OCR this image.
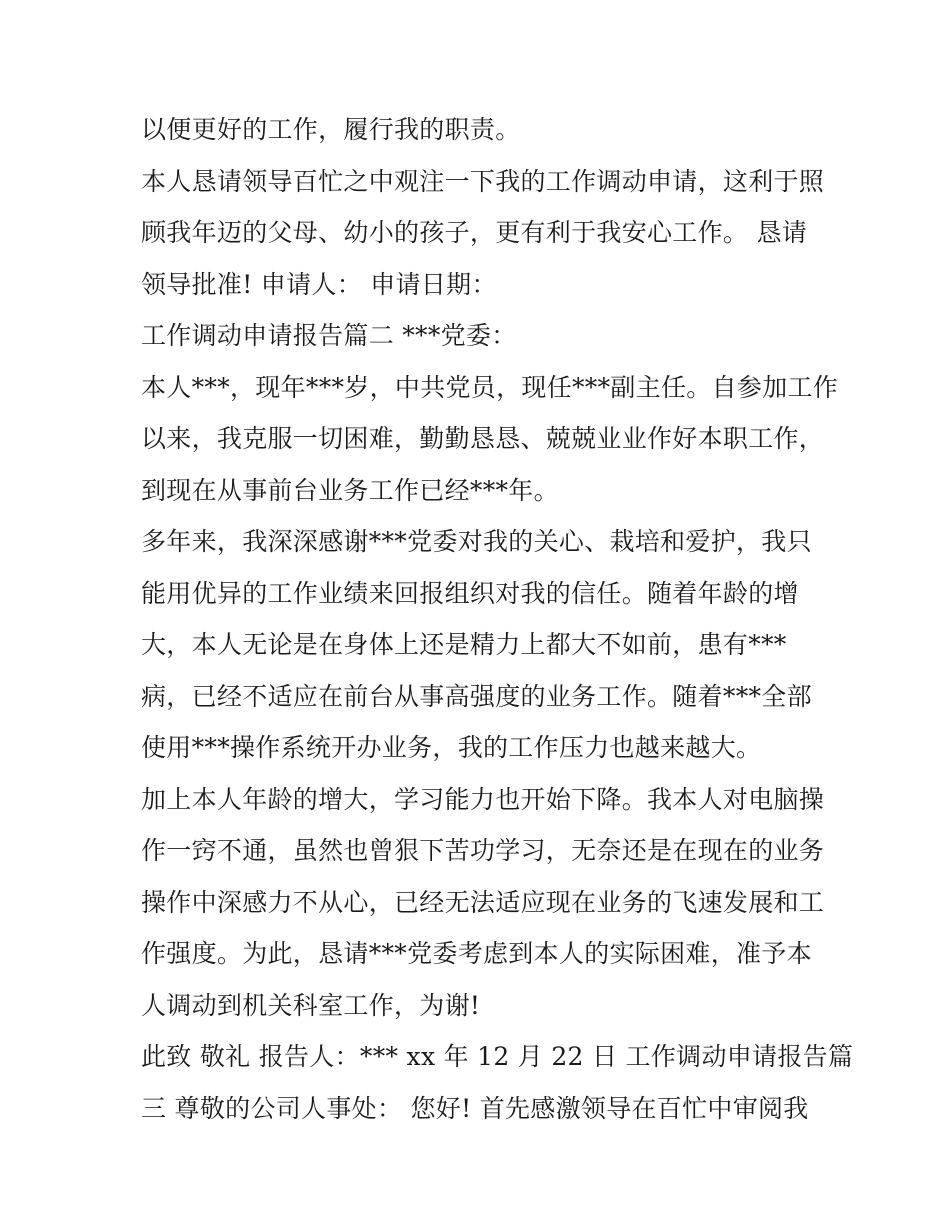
以便更好的工作，履行我的职责。
本人恳请领导百忙之中观注一下我的工作调动申请，这利于照
顾我年迈的父母、幼小的孩子，更有利于我安心工作。 恳请
领导批准! 申请人： 申请日期：
工作调动申请报告篇二 ***党委：
本人***，现年***岁，中共党员，现任***副主任。自参加工作
以来，我克服一切困难，勤勤恳恳、兢兢业业作好本职工作，
到现在从事前台业务工作已经***年。
多年来，我深深感谢***党委对我的关心、栽培和爱护，我只
能用优异的工作业绩来回报组织对我的信任。随着年龄的增
大，本人无论是在身体上还是精力上都大不如前，患有***
病，已经不适应在前台从事高强度的业务工作。随着***全部
使用***操作系统开办业务，我的工作压力也越来越大。
加上本人年龄的增大，学习能力也开始下降。我本人对电脑操
作一窍不通，虽然也曾狠下苦功学习，无奈还是在现在的业务
操作中深感力不从心，已经无法适应现在业务的飞速发展和工
作强度。为此，恳请***党委考虑到本人的实际困难，准予本
人调动到机关科室工作，为谢!
此致 敬礼 报告人：*** xx 年 12 月 22 日 工作调动申请报告篇
三 尊敬的公司人事处： 您好! 首先感激领导在百忙中审阅我
